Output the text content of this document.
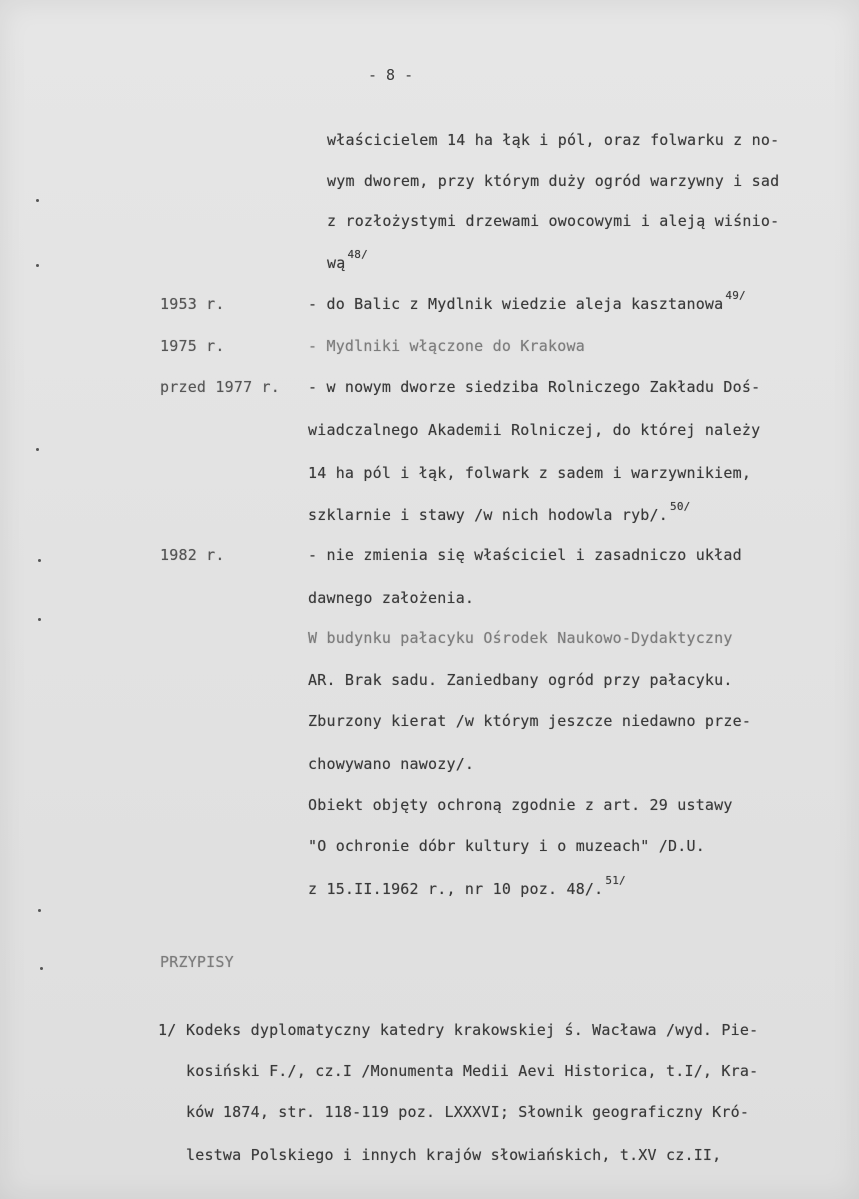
- 8 -
właścicielem 14 ha łąk i pól, oraz folwarku z no-
wym dworem, przy którym duży ogród warzywny i sad
z rozłożystymi drzewami owocowymi i aleją wiśnio-
wą $^{48/}$
1953 r.	- do Balic z Mydlnik wiedzie aleja kasztanowa $^{49/}$
1975 r.	- Mydlniki włączone do Krakowa
przed 1977 r. - w nowym dworze siedziba Rolniczego Zakładu Doś-
wiadczalnego Akademii Rolniczej, do której należy
14 ha pól i łąk, folwark z sadem i warzywnikiem,
szklarnie i stawy /w nich hodowla ryb/. $^{50/}$
1982 r.	- nie zmienia się właściciel i zasadniczo układ
dawnego założenia.
W budynku pałacyku Ośrodek Naukowo-Dydaktyczny
AR. Brak sadu. Zaniedbany ogród przy pałacyku.
Zburzony kierat /w którym jeszcze niedawno prze-
chowywano nawozy/.
Obiekt objęty ochroną zgodnie z art. 29 ustawy
"O ochronie dóbr kultury i o muzeach" /D.U.
z 15.II.1962 r., nr 10 poz. 48/. $^{51/}$
PRZYPISY
1/ Kodeks dyplomatyczny katedry krakowskiej ś. Wacława /wyd. Pie-
kosiński F./, cz.I /Monumenta Medii Aevi Historica, t.I/, Kra-
ków 1874, str. 118-119 poz. LXXXVI; Słownik geograficzny Kró-
lestwa Polskiego i innych krajów słowiańskich, t.XV cz.II,
